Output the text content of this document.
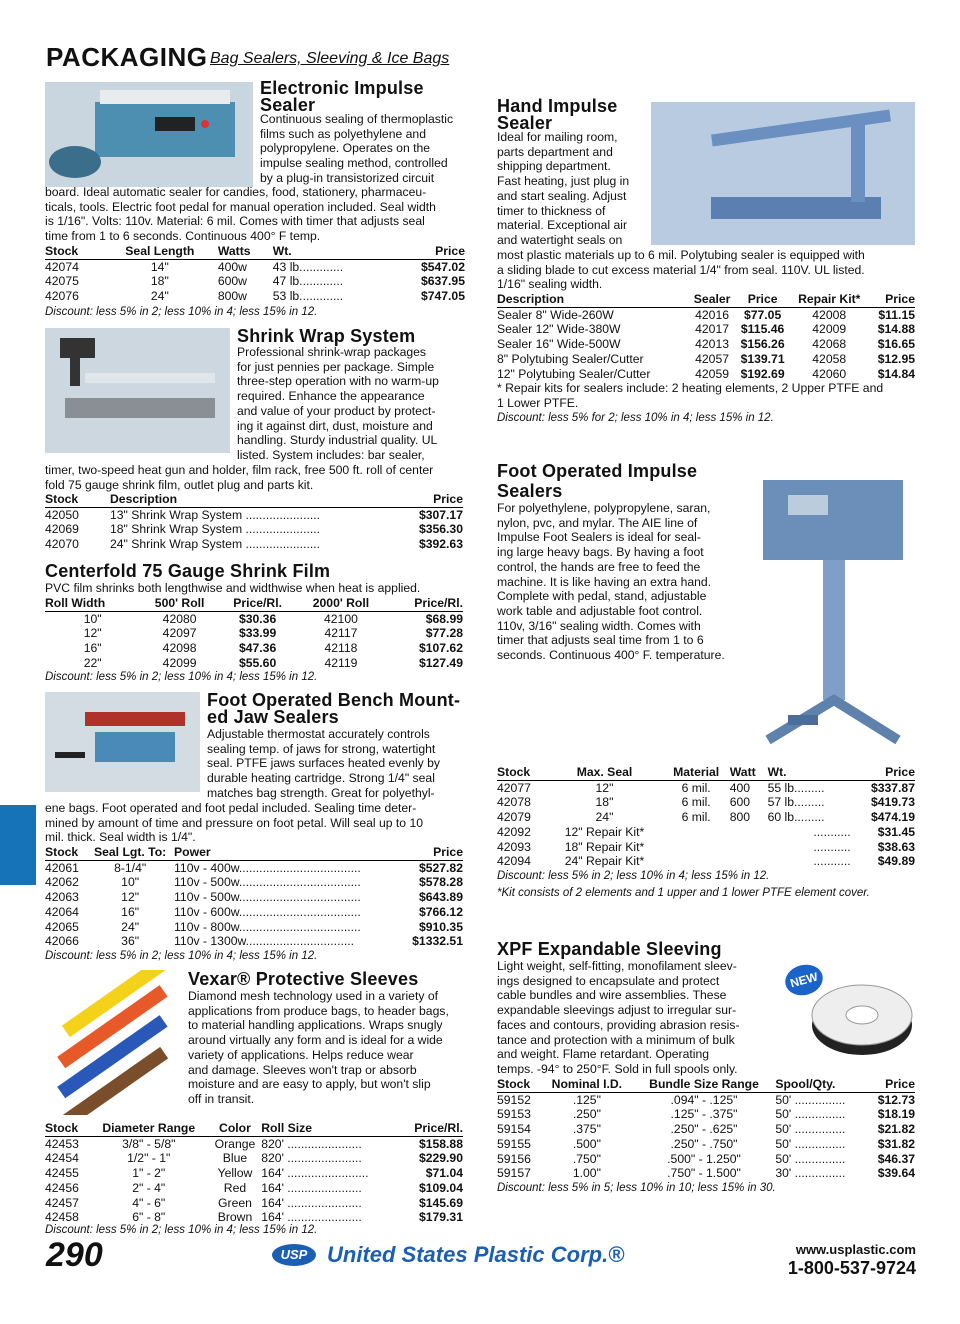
PACKAGING Bag Sealers, Sleeving & Ice Bags
Electronic Impulse
Sealer
Continuous sealing of thermoplastic
films such as polyethylene and
polypropylene. Operates on the
impulse sealing method, controlled
by a plug-in transistorized circuit
board. Ideal automatic sealer for candies, food, stationery, pharmaceu-
ticals, tools. Electric foot pedal for manual operation included. Seal width
is 1/16". Volts: 110v. Material: 6 mil. Comes with timer that adjusts seal
time from 1 to 6 seconds. Continuous 400° F temp.
Stock	Seal Length	Watts	Wt.	Price
42074	14"	400w	43 lb.............	$547.02
42075	18"	600w	47 lb.............	$637.95
42076	24"	800w	53 lb.............	$747.05
Discount: less 5% in 2; less 10% in 4; less 15% in 12.
Shrink Wrap System
Professional shrink-wrap packages
for just pennies per package. Simple
three-step operation with no warm-up
required. Enhance the appearance
and value of your product by protect-
ing it against dirt, dust, moisture and
handling. Sturdy industrial quality. UL
listed. System includes: bar sealer,
timer, two-speed heat gun and holder, film rack, free 500 ft. roll of center
fold 75 gauge shrink film, outlet plug and parts kit.
Stock	Description	Price
42050	13" Shrink Wrap System ......................	$307.17
42069	18" Shrink Wrap System ......................	$356.30
42070	24" Shrink Wrap System ......................	$392.63
Centerfold 75 Gauge Shrink Film
PVC film shrinks both lengthwise and widthwise when heat is applied.
Roll Width	500' Roll	Price/Rl.	2000' Roll	Price/Rl.
10"	42080	$30.36	42100	$68.99
12"	42097	$33.99	42117	$77.28
16"	42098	$47.36	42118	$107.62
22"	42099	$55.60	42119	$127.49
Discount: less 5% in 2; less 10% in 4; less 15% in 12.
Foot Operated Bench Mount-
ed Jaw Sealers
Adjustable thermostat accurately controls
sealing temp. of jaws for strong, watertight
seal. PTFE jaws surfaces heated evenly by
durable heating cartridge. Strong 1/4" seal
matches bag strength. Great for polyethyl-
ene bags. Foot operated and foot pedal included. Sealing time deter-
mined by amount of time and pressure on foot petal. Will seal up to 10
mil. thick. Seal width is 1/4".
Stock	Seal Lgt. To:	Power	Price
42061	8-1/4"	110v - 400w....................................	$527.82
42062	10"	110v - 500w....................................	$578.28
42063	12"	110v - 500w....................................	$643.89
42064	16"	110v - 600w....................................	$766.12
42065	24"	110v - 800w....................................	$910.35
42066	36"	110v - 1300w................................	$1332.51
Discount: less 5% in 2; less 10% in 4; less 15% in 12.
Vexar® Protective Sleeves
Diamond mesh technology used in a variety of
applications from produce bags, to header bags,
to material handling applications. Wraps snugly
around virtually any form and is ideal for a wide
variety of applications. Helps reduce wear
and damage. Sleeves won't trap or absorb
moisture and are easy to apply, but won't slip
off in transit.
Stock	Diameter Range	Color	Roll Size	Price/Rl.
42453	3/8" - 5/8"	Orange	820' ......................	$158.88
42454	1/2" - 1"	Blue	820' ......................	$229.90
42455	1" - 2"	Yellow	164' ........................	$71.04
42456	2" - 4"	Red	164' ......................	$109.04
42457	4" - 6"	Green	164' ......................	$145.69
42458	6" - 8"	Brown	164' ......................	$179.31
Discount: less 5% in 2; less 10% in 4; less 15% in 12.
Hand Impulse
Sealer
Ideal for mailing room,
parts department and
shipping department.
Fast heating, just plug in
and start sealing. Adjust
timer to thickness of
material. Exceptional air
and watertight seals on
most plastic materials up to 6 mil. Polytubing sealer is equipped with
a sliding blade to cut excess material 1/4" from seal. 110V. UL listed.
1/16" sealing width.
Description	Sealer	Price	Repair Kit*	Price
Sealer 8" Wide-260W	42016	$77.05	42008	$11.15
Sealer 12" Wide-380W	42017	$115.46	42009	$14.88
Sealer 16" Wide-500W	42013	$156.26	42068	$16.65
8" Polytubing Sealer/Cutter	42057	$139.71	42058	$12.95
12" Polytubing Sealer/Cutter	42059	$192.69	42060	$14.84
* Repair kits for sealers include: 2 heating elements, 2 Upper PTFE and
1 Lower PTFE.
Discount: less 5% for 2; less 10% in 4; less 15% in 12.
Foot Operated Impulse
Sealers
For polyethylene, polypropylene, saran,
nylon, pvc, and mylar. The AIE line of
Impulse Foot Sealers is ideal for seal-
ing large heavy bags. By having a foot
control, the hands are free to feed the
machine. It is like having an extra hand.
Complete with pedal, stand, adjustable
work table and adjustable foot control.
110v, 3/16" sealing width. Comes with
timer that adjusts seal time from 1 to 6
seconds. Continuous 400° F. temperature.
Stock	Max. Seal	Material	Watt	Wt.	Price
42077	12"	6 mil.	400	55 lb.........	$337.87
42078	18"	6 mil.	600	57 lb.........	$419.73
42079	24"	6 mil.	800	60 lb.........	$474.19
42092	12" Repair Kit*			...........	$31.45
42093	18" Repair Kit*			...........	$38.63
42094	24" Repair Kit*			...........	$49.89
Discount: less 5% in 2; less 10% in 4; less 15% in 12.
*Kit consists of 2 elements and 1 upper and 1 lower PTFE element cover.
XPF Expandable Sleeving
Light weight, self-fitting, monofilament sleev-
ings designed to encapsulate and protect
cable bundles and wire assemblies. These
expandable sleevings adjust to irregular sur-
faces and contours, providing abrasion resis-
tance and protection with a minimum of bulk
and weight. Flame retardant. Operating
temps. -94° to 250°F. Sold in full spools only.
NEW
Stock	Nominal I.D.	Bundle Size Range	Spool/Qty.	Price
59152	.125"	.094" - .125"	50' ...............	$12.73
59153	.250"	.125" - .375"	50' ...............	$18.19
59154	.375"	.250" - .625"	50' ...............	$21.82
59155	.500"	.250" - .750"	50' ...............	$31.82
59156	.750"	.500" - 1.250"	50' ...............	$46.37
59157	1.00"	.750" - 1.500"	30' ...............	$39.64
Discount: less 5% in 5; less 10% in 10; less 15% in 30.
290	USP United States Plastic Corp.®	www.usplastic.com
1-800-537-9724
